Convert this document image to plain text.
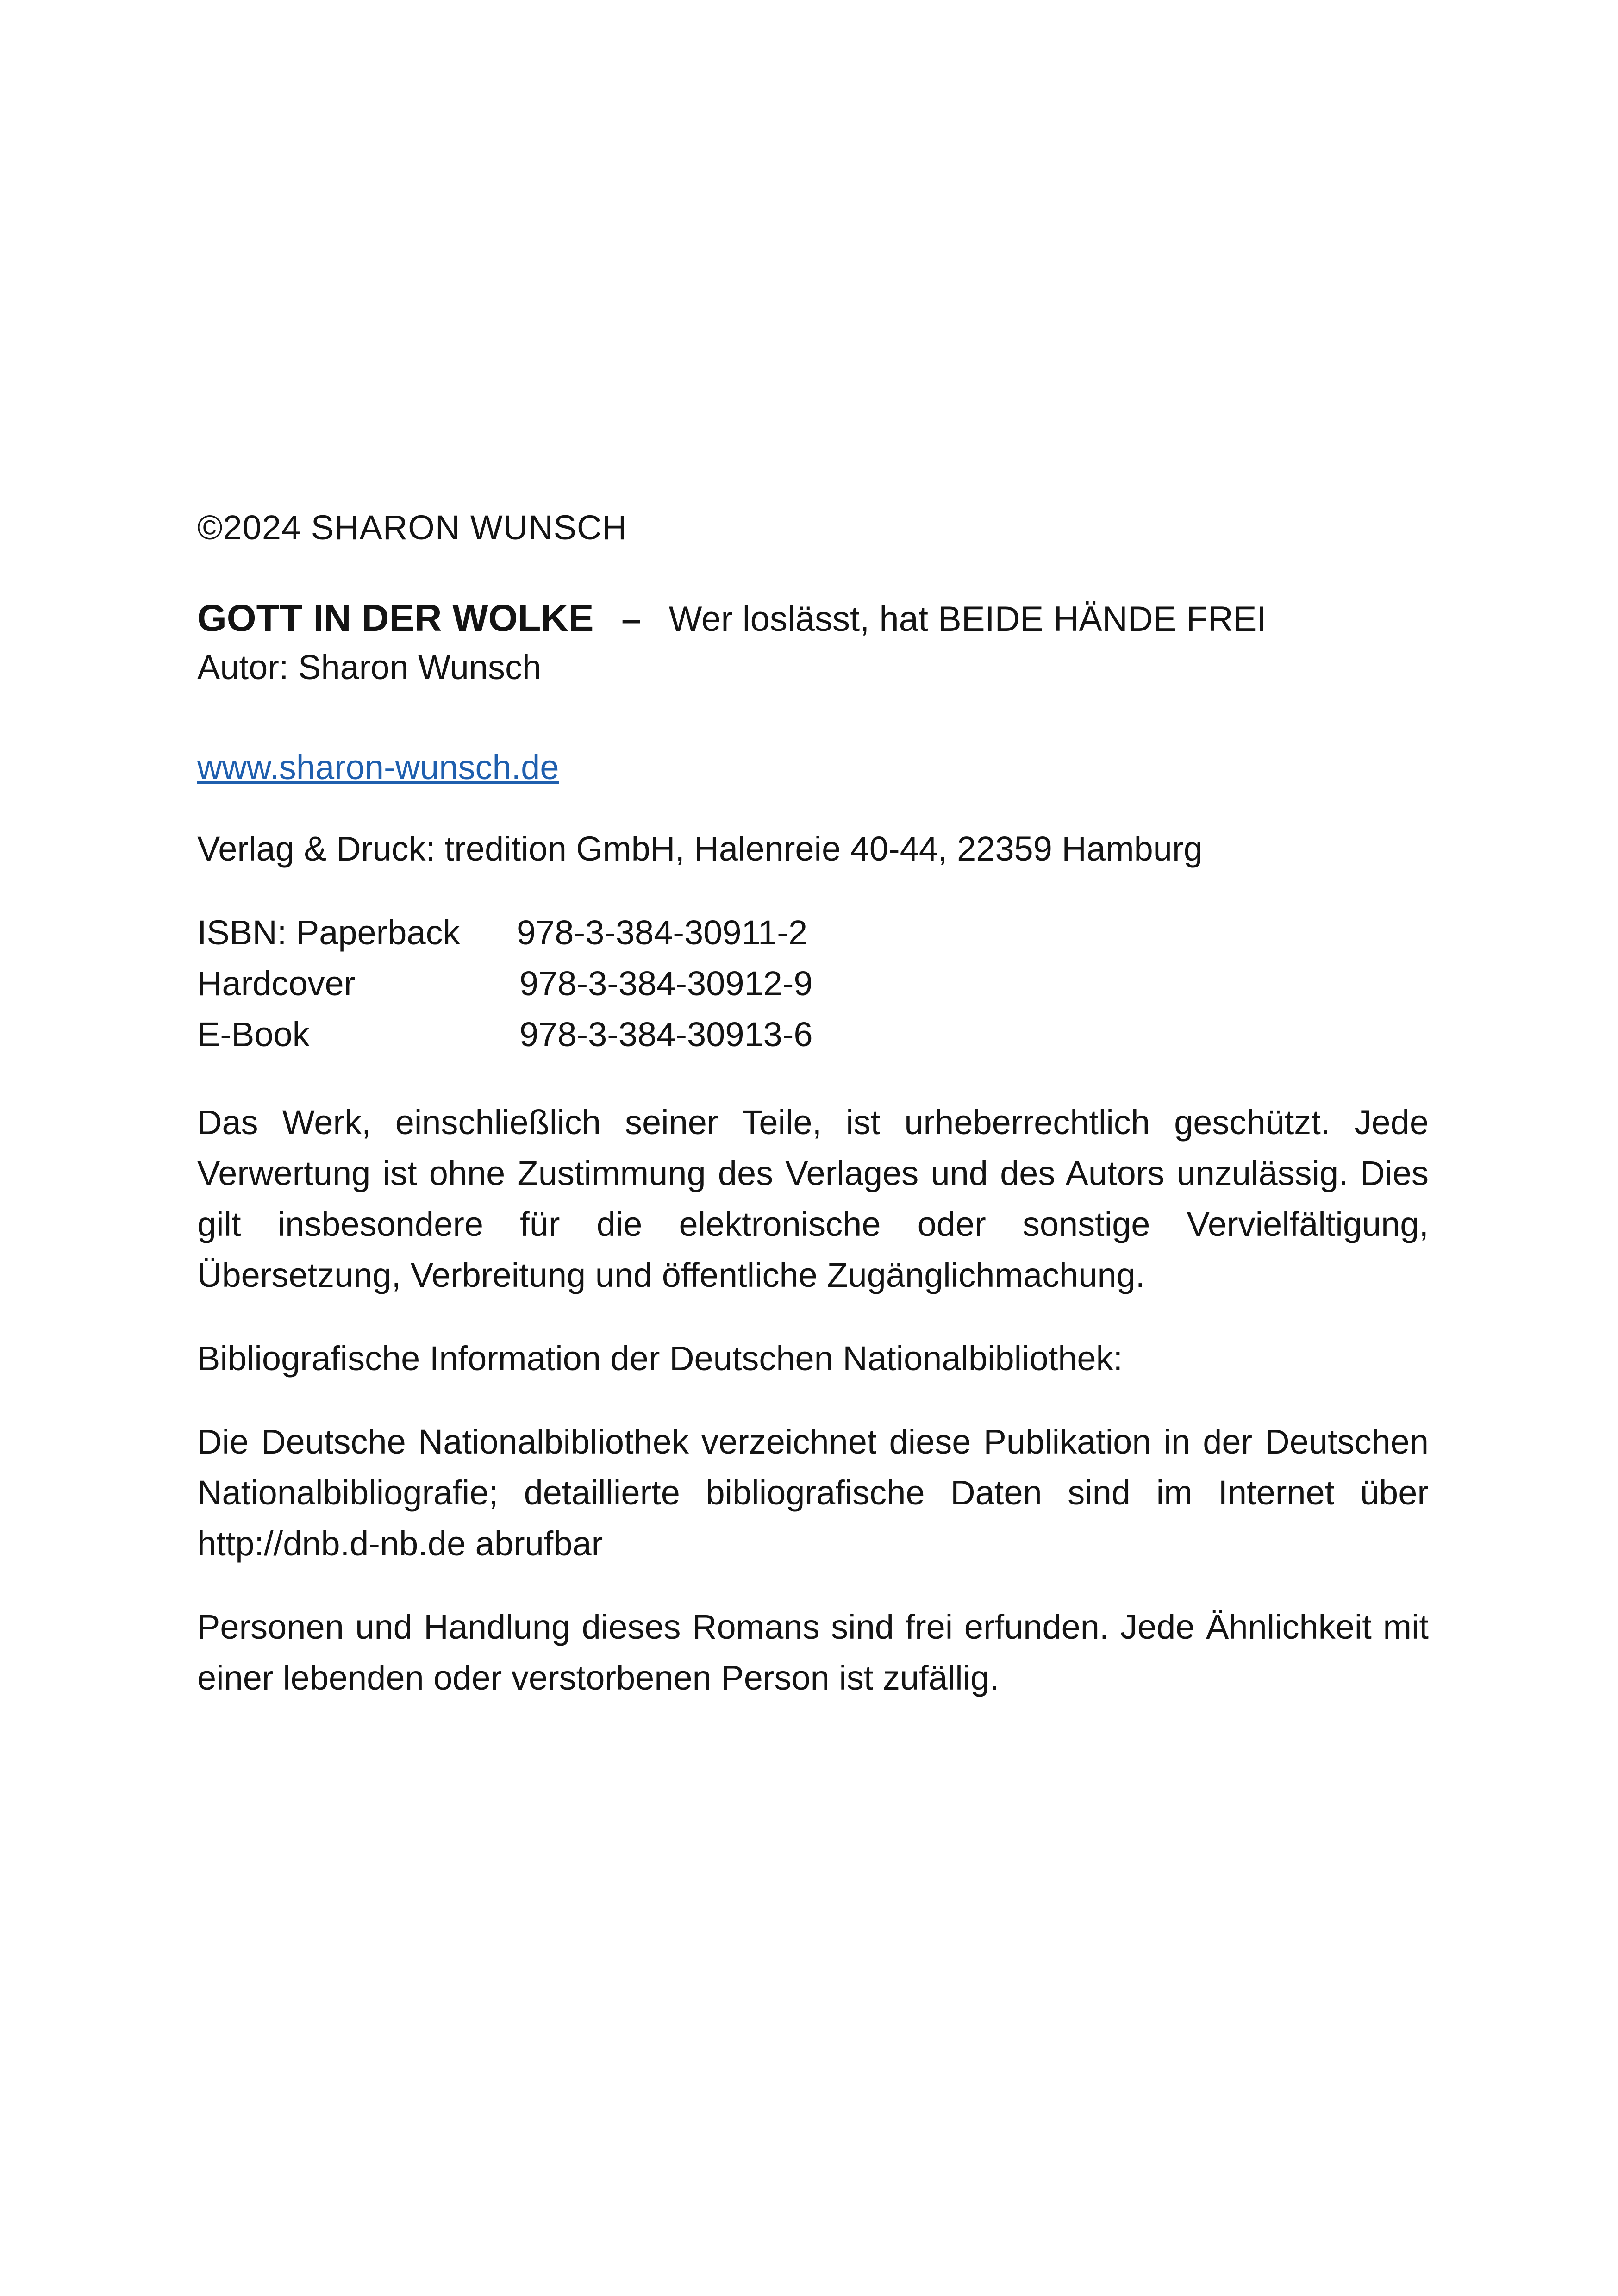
©2024 SHARON WUNSCH

GOTT IN DER WOLKE – Wer loslässt, hat BEIDE HÄNDE FREI

Autor: Sharon Wunsch

www.sharon-wunsch.de
Verlag & Druck: tredition GmbH, Halenreie 40-44, 22359 Hamburg
ISBN: Paperback	978-3-384-30911-2
Hardcover	978-3-384-30912-9
E-Book	978-3-384-30913-6

Das Werk, einschließlich seiner Teile, ist urheberrechtlich geschützt. Jede Verwertung ist ohne Zustimmung des Verlages und des Autors unzulässig. Dies gilt insbesondere für die elektronische oder sonstige Vervielfältigung, Übersetzung, Verbreitung und öffentliche Zugänglichmachung.

Bibliografische Information der Deutschen Nationalbibliothek:

Die Deutsche Nationalbibliothek verzeichnet diese Publikation in der Deutschen Nationalbibliografie; detaillierte bibliografische Daten sind im Internet über http://dnb.d-nb.de abrufbar

Personen und Handlung dieses Romans sind frei erfunden. Jede Ähnlichkeit mit einer lebenden oder verstorbenen Person ist zufällig.
